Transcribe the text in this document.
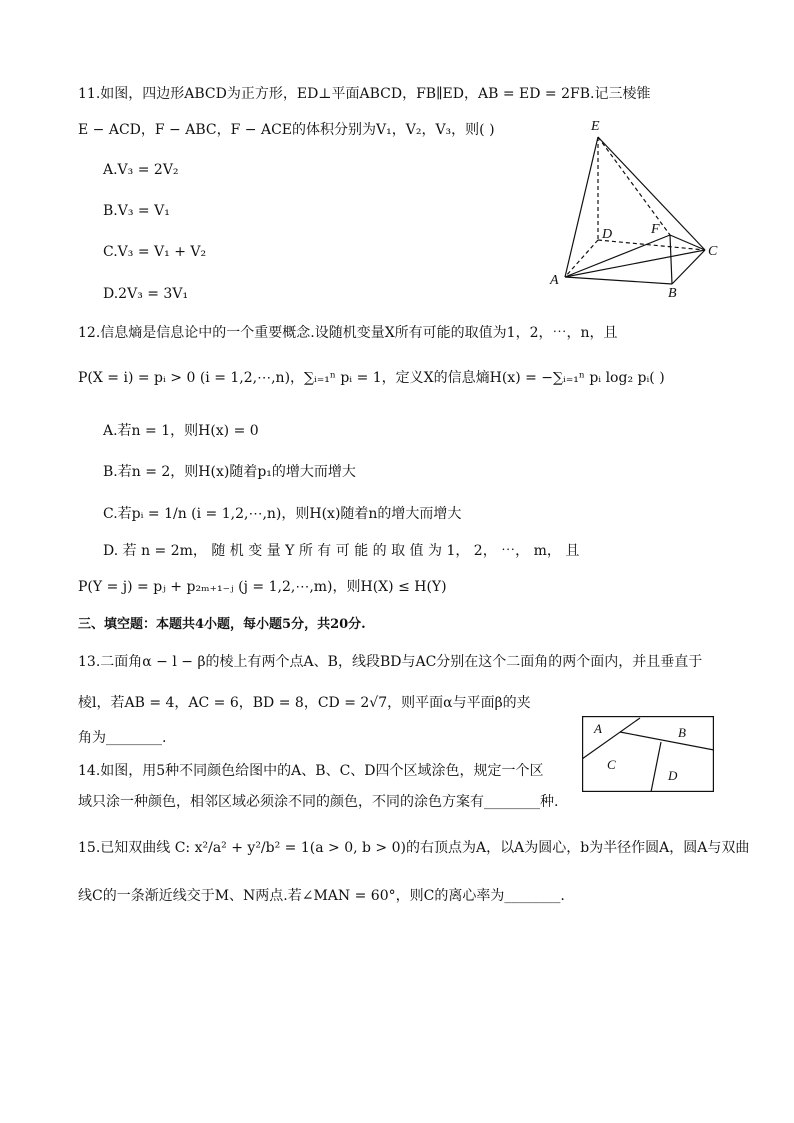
11.如图，四边形ABCD为正方形，ED⊥平面ABCD，FB∥ED，AB = ED = 2FB.记三棱锥
E − ACD，F − ABC，F − ACE的体积分别为V₁，V₂，V₃，则( )
A.V₃ = 2V₂
B.V₃ = V₁
C.V₃ = V₁ + V₂
D.2V₃ = 3V₁
E
D	F
C
A
B
12.信息熵是信息论中的一个重要概念.设随机变量X所有可能的取值为1，2，⋯，n，且
P(X = i) = pᵢ > 0 (i = 1,2,⋯,n)，∑ᵢ₌₁ⁿ pᵢ = 1，定义X的信息熵H(x) = −∑ᵢ₌₁ⁿ pᵢ log₂ pᵢ( )
A.若n = 1，则H(x) = 0
B.若n = 2，则H(x)随着p₁的增大而增大
C.若pᵢ = 1/n (i = 1,2,⋯,n)，则H(x)随着n的增大而增大
D. 若 n = 2m， 随 机 变 量 Y 所 有 可 能 的 取 值 为 1， 2， ⋯， m， 且
P(Y = j) = pⱼ + p₂ₘ₊₁₋ⱼ (j = 1,2,⋯,m)，则H(X) ≤ H(Y)
三、填空题：本题共4小题，每小题5分，共20分.
13.二面角α − l − β的棱上有两个点A、B，线段BD与AC分别在这个二面角的两个面内，并且垂直于
棱l，若AB = 4，AC = 6，BD = 8，CD = 2√7，则平面α与平面β的夹
角为________.
A	B
C
D
14.如图，用5种不同颜色给图中的A、B、C、D四个区域涂色，规定一个区
域只涂一种颜色，相邻区域必须涂不同的颜色，不同的涂色方案有________种.
15.已知双曲线 C: x²/a² + y²/b² = 1(a > 0, b > 0)的右顶点为A，以A为圆心，b为半径作圆A，圆A与双曲
线C的一条渐近线交于M、N两点.若∠MAN = 60°，则C的离心率为________.
